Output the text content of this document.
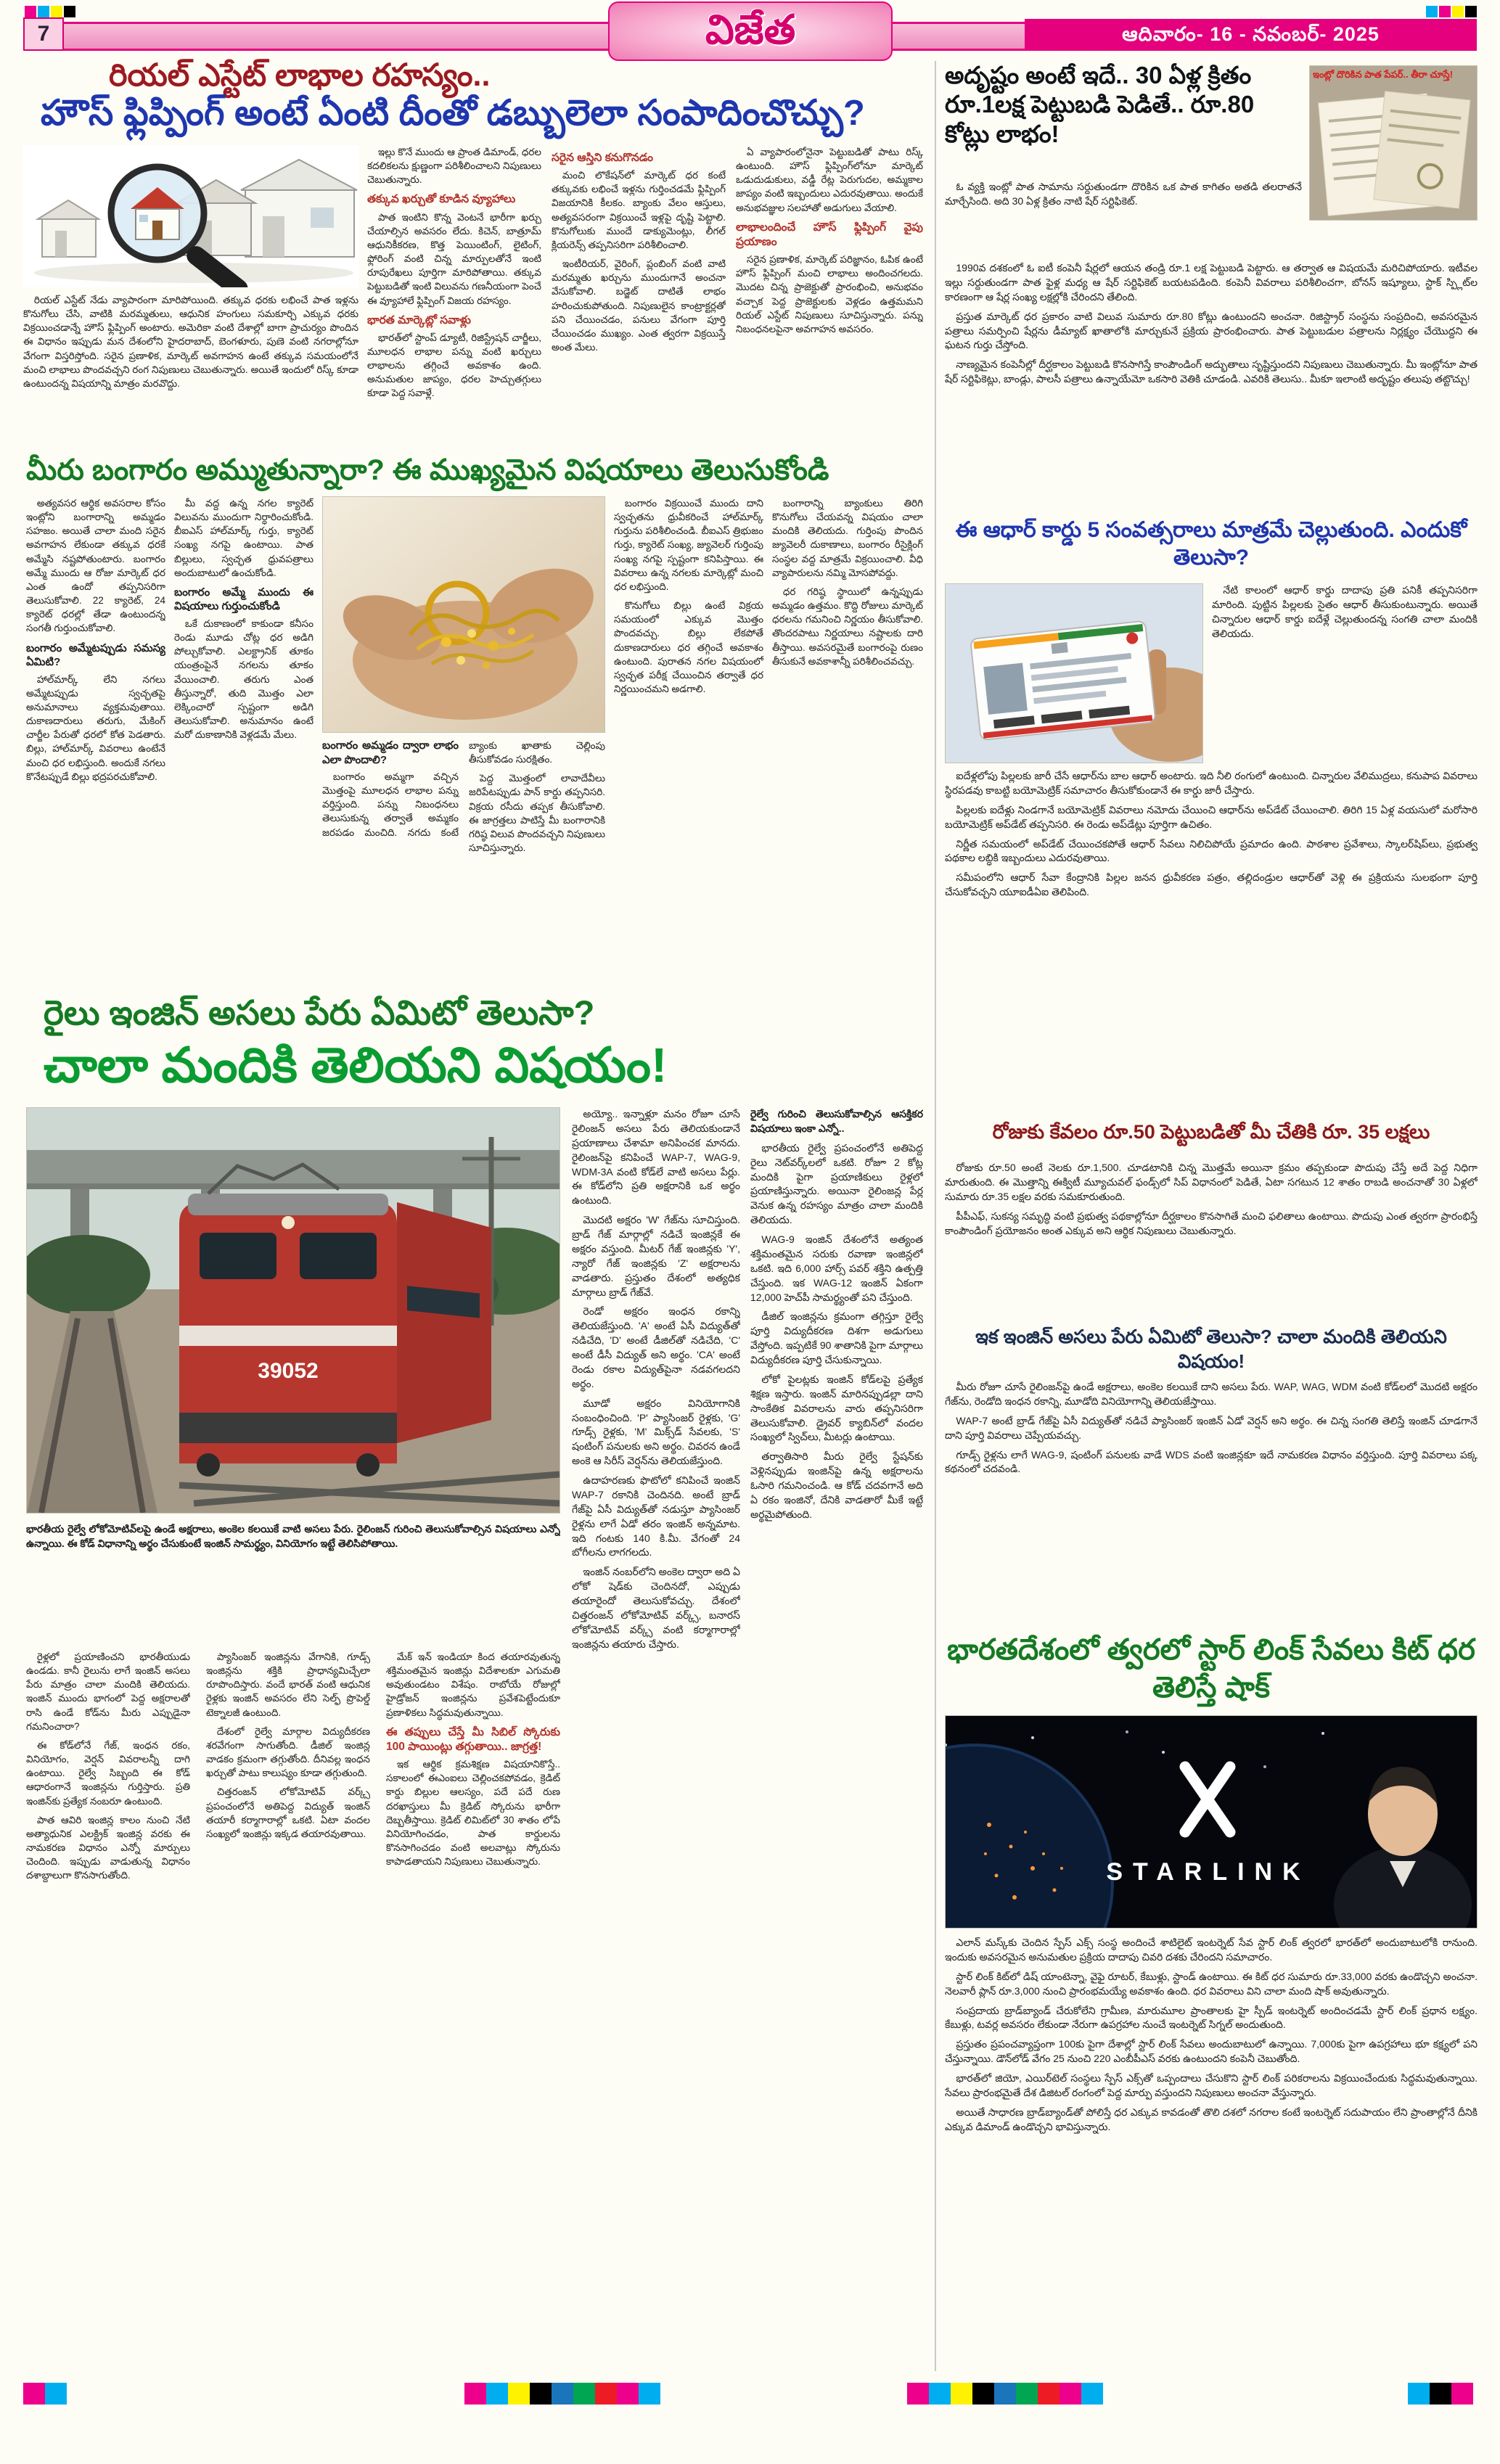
7	విజేత	ఆదివారం- 16 - నవంబర్- 2025
రియల్ ఎస్టేట్ లాభాల రహస్యం..
హౌస్ ఫ్లిప్పింగ్ అంటే ఏంటి దీంతో డబ్బులెలా సంపాదించొచ్చు?

రియల్ ఎస్టేట్ నేడు వ్యాపారంగా మారిపోయింది. తక్కువ ధరకు లభించే పాత ఇళ్లను కొనుగోలు చేసి, వాటికి మరమ్మతులు, ఆధునిక హంగులు సమకూర్చి ఎక్కువ ధరకు విక్రయించడాన్నే హౌస్ ఫ్లిప్పింగ్ అంటారు. అమెరికా వంటి దేశాల్లో బాగా ప్రాచుర్యం పొందిన ఈ విధానం ఇప్పుడు మన దేశంలోని హైదరాబాద్, బెంగళూరు, పుణె వంటి నగరాల్లోనూ వేగంగా విస్తరిస్తోంది. సరైన ప్రణాళిక, మార్కెట్ అవగాహన ఉంటే తక్కువ సమయంలోనే మంచి లాభాలు పొందవచ్చని రంగ నిపుణులు చెబుతున్నారు. అయితే ఇందులో రిస్క్ కూడా ఉంటుందన్న విషయాన్ని మాత్రం మరవొద్దు.

ఇల్లు కొనే ముందు ఆ ప్రాంత డిమాండ్, ధరల కదలికలను క్షుణ్ణంగా పరిశీలించాలని నిపుణులు చెబుతున్నారు.

తక్కువ ఖర్చుతో కూడిన వ్యూహాలు

పాత ఇంటిని కొన్న వెంటనే భారీగా ఖర్చు చేయాల్సిన అవసరం లేదు. కిచెన్, బాత్రూమ్ ఆధునికీకరణ, కొత్త పెయింటింగ్, లైటింగ్, ఫ్లోరింగ్ వంటి చిన్న మార్పులతోనే ఇంటి రూపురేఖలు పూర్తిగా మారిపోతాయి. తక్కువ పెట్టుబడితో ఇంటి విలువను గణనీయంగా పెంచే ఈ వ్యూహాలే ఫ్లిప్పింగ్ విజయ రహస్యం.

భారత మార్కెట్లో సవాళ్లు

భారత్‌లో స్టాంప్ డ్యూటీ, రిజిస్ట్రేషన్ చార్జీలు, మూలధన లాభాల పన్ను వంటి ఖర్చులు లాభాలను తగ్గించే అవకాశం ఉంది. అనుమతుల జాప్యం, ధరల హెచ్చుతగ్గులు కూడా పెద్ద సవాళ్లే.

సరైన ఆస్తిని కనుగొనడం

మంచి లొకేషన్‌లో మార్కెట్ ధర కంటే తక్కువకు లభించే ఇళ్లను గుర్తించడమే ఫ్లిప్పింగ్ విజయానికి కీలకం. బ్యాంకు వేలం ఆస్తులు, అత్యవసరంగా విక్రయించే ఇళ్లపై దృష్టి పెట్టాలి. కొనుగోలుకు ముందే డాక్యుమెంట్లు, లీగల్ క్లియరెన్స్ తప్పనిసరిగా పరిశీలించాలి.

ఇంటీరియర్, వైరింగ్, ప్లంబింగ్ వంటి వాటి మరమ్మతు ఖర్చును ముందుగానే అంచనా వేసుకోవాలి. బడ్జెట్ దాటితే లాభం హరించుకుపోతుంది. నిపుణులైన కాంట్రాక్టర్లతో పని చేయించడం, పనులు వేగంగా పూర్తి చేయించడం ముఖ్యం. ఎంత త్వరగా విక్రయిస్తే అంత మేలు.

ఏ వ్యాపారంలోనైనా పెట్టుబడితో పాటు రిస్క్ ఉంటుంది. హౌస్ ఫ్లిప్పింగ్‌లోనూ మార్కెట్ ఒడుదుడుకులు, వడ్డీ రేట్ల పెరుగుదల, అమ్మకాల జాప్యం వంటి ఇబ్బందులు ఎదురవుతాయి. అందుకే అనుభవజ్ఞుల సలహాతో అడుగులు వేయాలి.

లాభాలందించే హౌస్ ఫ్లిప్పింగ్ వైపు ప్రయాణం

సరైన ప్రణాళిక, మార్కెట్ పరిజ్ఞానం, ఓపిక ఉంటే హౌస్ ఫ్లిప్పింగ్ మంచి లాభాలు అందించగలదు. మొదట చిన్న ప్రాజెక్టుతో ప్రారంభించి, అనుభవం వచ్చాక పెద్ద ప్రాజెక్టులకు వెళ్లడం ఉత్తమమని రియల్ ఎస్టేట్ నిపుణులు సూచిస్తున్నారు. పన్ను నిబంధనలపైనా అవగాహన అవసరం.

మీరు బంగారం అమ్ముతున్నారా? ఈ ముఖ్యమైన విషయాలు తెలుసుకోండి

అత్యవసర ఆర్థిక అవసరాల కోసం ఇంట్లోని బంగారాన్ని అమ్మడం సహజం. అయితే చాలా మంది సరైన అవగాహన లేకుండా తక్కువ ధరకే అమ్మేసి నష్టపోతుంటారు. బంగారం అమ్మే ముందు ఆ రోజు మార్కెట్ ధర ఎంత ఉందో తప్పనిసరిగా తెలుసుకోవాలి. 22 క్యారెట్, 24 క్యారెట్ ధరల్లో తేడా ఉంటుందన్న సంగతీ గుర్తుంచుకోవాలి.

బంగారం అమ్మేటప్పుడు సమస్య ఏమిటి?

హాల్‌మార్క్ లేని నగలు అమ్మేటప్పుడు స్వచ్ఛతపై అనుమానాలు వ్యక్తమవుతాయి. దుకాణదారులు తరుగు, మేకింగ్ చార్జీల పేరుతో ధరలో కోత పెడతారు. బిల్లు, హాల్‌మార్క్ వివరాలు ఉంటేనే మంచి ధర లభిస్తుంది. అందుకే నగలు కొనేటప్పుడే బిల్లు భద్రపరచుకోవాలి.

మీ వద్ద ఉన్న నగల క్యారెట్ విలువను ముందుగా నిర్ధారించుకోండి. బీఐఎస్ హాల్‌మార్క్ గుర్తు, క్యారెట్ సంఖ్య నగపై ఉంటాయి. పాత బిల్లులు, స్వచ్ఛత ధ్రువపత్రాలు అందుబాటులో ఉంచుకోండి.

బంగారం అమ్మే ముందు ఈ విషయాలు గుర్తుంచుకోండి

ఒకే దుకాణంలో కాకుండా కనీసం రెండు మూడు చోట్ల ధర అడిగి పోల్చుకోవాలి. ఎలక్ట్రానిక్ తూకం యంత్రంపైనే నగలను తూకం వేయించాలి. తరుగు ఎంత తీస్తున్నారో, తుది మొత్తం ఎలా లెక్కించారో స్పష్టంగా అడిగి తెలుసుకోవాలి. అనుమానం ఉంటే మరో దుకాణానికి వెళ్లడమే మేలు.

బంగారం అమ్మడం ద్వారా లాభం ఎలా పొందాలి?

బంగారం అమ్మగా వచ్చిన మొత్తంపై మూలధన లాభాల పన్ను వర్తిస్తుంది. పన్ను నిబంధనలు తెలుసుకున్న తర్వాతే అమ్మకం జరపడం మంచిది. నగదు కంటే బ్యాంకు ఖాతాకు చెల్లింపు తీసుకోవడం సురక్షితం.

పెద్ద మొత్తంలో లావాదేవీలు జరిపేటప్పుడు పాన్ కార్డు తప్పనిసరి. విక్రయ రసీదు తప్పక తీసుకోవాలి. ఈ జాగ్రత్తలు పాటిస్తే మీ బంగారానికి గరిష్ఠ విలువ పొందవచ్చని నిపుణులు సూచిస్తున్నారు.

బంగారం విక్రయించే ముందు దాని స్వచ్ఛతను ధ్రువీకరించే హాల్‌మార్క్ గుర్తును పరిశీలించండి. బీఐఎస్ త్రిభుజం గుర్తు, క్యారెట్ సంఖ్య, జ్యువెలర్ గుర్తింపు సంఖ్య నగపై స్పష్టంగా కనిపిస్తాయి. ఈ వివరాలు ఉన్న నగలకు మార్కెట్లో మంచి ధర లభిస్తుంది.

కొనుగోలు బిల్లు ఉంటే విక్రయ సమయంలో ఎక్కువ మొత్తం పొందవచ్చు. బిల్లు లేకపోతే దుకాణదారులు ధర తగ్గించే అవకాశం ఉంటుంది. పురాతన నగల విషయంలో స్వచ్ఛత పరీక్ష చేయించిన తర్వాతే ధర నిర్ణయించమని అడగాలి.

బంగారాన్ని బ్యాంకులు తిరిగి కొనుగోలు చేయవన్న విషయం చాలా మందికి తెలియదు. గుర్తింపు పొందిన జ్యువెలరీ దుకాణాలు, బంగారం రీసైక్లింగ్ సంస్థల వద్ద మాత్రమే విక్రయించాలి. వీధి వ్యాపారులను నమ్మి మోసపోవద్దు.

ధర గరిష్ఠ స్థాయిలో ఉన్నప్పుడు అమ్మడం ఉత్తమం. కొద్ది రోజులు మార్కెట్ ధరలను గమనించి నిర్ణయం తీసుకోవాలి. తొందరపాటు నిర్ణయాలు నష్టాలకు దారి తీస్తాయి. అవసరమైతే బంగారంపై రుణం తీసుకునే అవకాశాన్నీ పరిశీలించవచ్చు.

రైలు ఇంజిన్ అసలు పేరు ఏమిటో తెలుసా?
చాలా మందికి తెలియని విషయం!
39052

భారతీయ రైల్వే లోకోమోటివ్‌లపై ఉండే అక్షరాలు, అంకెల కలయికే వాటి అసలు పేరు. రైలింజన్ గురించి తెలుసుకోవాల్సిన విషయాలు ఎన్నో ఉన్నాయి. ఈ కోడ్ విధానాన్ని అర్థం చేసుకుంటే ఇంజిన్ సామర్థ్యం, వినియోగం ఇట్టే తెలిసిపోతాయి.

రైళ్లలో ప్రయాణించని భారతీయుడు ఉండడు. కానీ రైలును లాగే ఇంజిన్ అసలు పేరు మాత్రం చాలా మందికి తెలియదు. ఇంజిన్ ముందు భాగంలో పెద్ద అక్షరాలతో రాసి ఉండే కోడ్‌ను మీరు ఎప్పుడైనా గమనించారా?

ఈ కోడ్‌లోనే గేజ్, ఇంధన రకం, వినియోగం, వెర్షన్ వివరాలన్నీ దాగి ఉంటాయి. రైల్వే సిబ్బంది ఈ కోడ్ ఆధారంగానే ఇంజిన్లను గుర్తిస్తారు. ప్రతి ఇంజిన్‌కు ప్రత్యేక నంబరూ ఉంటుంది.

పాత ఆవిరి ఇంజిన్ల కాలం నుంచి నేటి అత్యాధునిక ఎలక్ట్రిక్ ఇంజిన్ల వరకు ఈ నామకరణ విధానం ఎన్నో మార్పులు చెందింది. ఇప్పుడు వాడుతున్న విధానం దశాబ్దాలుగా కొనసాగుతోంది.

ప్యాసింజర్ ఇంజిన్లను వేగానికి, గూడ్స్ ఇంజిన్లను శక్తికి ప్రాధాన్యమిచ్చేలా రూపొందిస్తారు. వందే భారత్ వంటి ఆధునిక రైళ్లకు ఇంజిన్ అవసరం లేని సెల్ఫ్ ప్రొపెల్డ్ టెక్నాలజీ ఉంటుంది.

దేశంలో రైల్వే మార్గాల విద్యుదీకరణ శరవేగంగా సాగుతోంది. డీజిల్ ఇంజిన్ల వాడకం క్రమంగా తగ్గుతోంది. దీనివల్ల ఇంధన ఖర్చుతో పాటు కాలుష్యం కూడా తగ్గుతుంది.

చిత్తరంజన్ లోకోమోటివ్ వర్క్స్ ప్రపంచంలోనే అతిపెద్ద విద్యుత్ ఇంజిన్ తయారీ కర్మాగారాల్లో ఒకటి. ఏటా వందల సంఖ్యలో ఇంజిన్లు ఇక్కడ తయారవుతాయి.

మేక్ ఇన్ ఇండియా కింద తయారవుతున్న శక్తిమంతమైన ఇంజిన్లు విదేశాలకూ ఎగుమతి అవుతుండటం విశేషం. రాబోయే రోజుల్లో హైడ్రోజన్ ఇంజిన్లను ప్రవేశపెట్టేందుకూ ప్రణాళికలు సిద్ధమవుతున్నాయి.

ఈ తప్పులు చేస్తే మీ సిబిల్ స్కోరుకు 100 పాయింట్లు తగ్గుతాయి.. జాగ్రత్త!

ఇక ఆర్థిక క్రమశిక్షణ విషయానికొస్తే.. సకాలంలో ఈఎంఐలు చెల్లించకపోవడం, క్రెడిట్ కార్డు బిల్లుల ఆలస్యం, పదే పదే రుణ దరఖాస్తులు మీ క్రెడిట్ స్కోరును భారీగా దెబ్బతీస్తాయి. క్రెడిట్ లిమిట్‌లో 30 శాతం లోపే వినియోగించడం, పాత కార్డులను కొనసాగించడం వంటి అలవాట్లు స్కోరును కాపాడతాయని నిపుణులు చెబుతున్నారు.

అయ్యో.. ఇన్నాళ్లూ మనం రోజూ చూసే రైలింజన్ అసలు పేరు తెలియకుండానే ప్రయాణాలు చేశామా అనిపించక మానదు. రైలింజన్‌పై కనిపించే WAP-7, WAG-9, WDM-3A వంటి కోడ్‌లే వాటి అసలు పేర్లు. ఈ కోడ్‌లోని ప్రతి అక్షరానికి ఒక అర్థం ఉంటుంది.

మొదటి అక్షరం 'W' గేజ్‌ను సూచిస్తుంది. బ్రాడ్ గేజ్ మార్గాల్లో నడిచే ఇంజిన్లకే ఈ అక్షరం వస్తుంది. మీటర్ గేజ్ ఇంజిన్లకు 'Y', న్యారో గేజ్ ఇంజిన్లకు 'Z' అక్షరాలను వాడతారు. ప్రస్తుతం దేశంలో అత్యధిక మార్గాలు బ్రాడ్ గేజ్‌వే.

రెండో అక్షరం ఇంధన రకాన్ని తెలియజేస్తుంది. 'A' అంటే ఏసీ విద్యుత్‌తో నడిచేది, 'D' అంటే డీజిల్‌తో నడిచేది, 'C' అంటే డీసీ విద్యుత్ అని అర్థం. 'CA' అంటే రెండు రకాల విద్యుత్‌పైనా నడవగలదని అర్థం.

మూడో అక్షరం వినియోగానికి సంబంధించింది. 'P' ప్యాసింజర్ రైళ్లకు, 'G' గూడ్స్ రైళ్లకు, 'M' మిక్స్‌డ్ సేవలకు, 'S' షంటింగ్ పనులకు అని అర్థం. చివరన ఉండే అంకె ఆ సిరీస్ వెర్షన్‌ను తెలియజేస్తుంది.

ఉదాహరణకు ఫొటోలో కనిపించే ఇంజిన్ WAP-7 రకానికి చెందినది. అంటే బ్రాడ్ గేజ్‌పై ఏసీ విద్యుత్‌తో నడుస్తూ ప్యాసింజర్ రైళ్లను లాగే ఏడో తరం ఇంజిన్ అన్నమాట. ఇది గంటకు 140 కి.మీ. వేగంతో 24 బోగీలను లాగగలదు.

ఇంజిన్ నంబర్‌లోని అంకెల ద్వారా అది ఏ లోకో షెడ్‌కు చెందినదో, ఎప్పుడు తయారైందో తెలుసుకోవచ్చు. దేశంలో చిత్తరంజన్ లోకోమోటివ్ వర్క్స్, బనారస్ లోకోమోటివ్ వర్క్స్ వంటి కర్మాగారాల్లో ఇంజిన్లను తయారు చేస్తారు.

రైల్వే గురించి తెలుసుకోవాల్సిన ఆసక్తికర విషయాలు ఇంకా ఎన్నో..

భారతీయ రైల్వే ప్రపంచంలోనే అతిపెద్ద రైలు నెట్‌వర్క్‌లలో ఒకటి. రోజూ 2 కోట్ల మందికి పైగా ప్రయాణికులు రైళ్లలో ప్రయాణిస్తున్నారు. అయినా రైలింజన్ల పేర్ల వెనుక ఉన్న రహస్యం మాత్రం చాలా మందికి తెలియదు.

WAG-9 ఇంజిన్ దేశంలోనే అత్యంత శక్తిమంతమైన సరుకు రవాణా ఇంజిన్లలో ఒకటి. ఇది 6,000 హార్స్ పవర్ శక్తిని ఉత్పత్తి చేస్తుంది. ఇక WAG-12 ఇంజిన్ ఏకంగా 12,000 హెచ్‌పీ సామర్థ్యంతో పని చేస్తుంది.

డీజిల్ ఇంజిన్లను క్రమంగా తగ్గిస్తూ రైల్వే పూర్తి విద్యుదీకరణ దిశగా అడుగులు వేస్తోంది. ఇప్పటికే 90 శాతానికి పైగా మార్గాలు విద్యుదీకరణ పూర్తి చేసుకున్నాయి.

లోకో పైలట్లకు ఇంజిన్ కోడ్‌లపై ప్రత్యేక శిక్షణ ఇస్తారు. ఇంజిన్ మారినప్పుడల్లా దాని సాంకేతిక వివరాలను వారు తప్పనిసరిగా తెలుసుకోవాలి. డ్రైవర్ క్యాబిన్‌లో వందల సంఖ్యలో స్విచ్‌లు, మీటర్లు ఉంటాయి.

తర్వాతిసారి మీరు రైల్వే స్టేషన్‌కు వెళ్లినప్పుడు ఇంజిన్‌పై ఉన్న అక్షరాలను ఓసారి గమనించండి. ఆ కోడ్ చదవగానే అది ఏ రకం ఇంజినో, దేనికి వాడతారో మీకే ఇట్టే అర్థమైపోతుంది.

అదృష్టం అంటే ఇదే.. 30 ఏళ్ల క్రితం రూ.1లక్ష పెట్టుబడి పెడితే.. రూ.80 కోట్లు లాభం!
ఇంట్లో దొరికిన పాత పేపర్.. తీరా చూస్తే!

ఓ వ్యక్తి ఇంట్లో పాత సామాను సర్దుతుండగా దొరికిన ఒక పాత కాగితం అతడి తలరాతనే మార్చేసింది. అది 30 ఏళ్ల క్రితం నాటి షేర్ సర్టిఫికెట్.

1990వ దశకంలో ఓ ఐటీ కంపెనీ షేర్లలో ఆయన తండ్రి రూ.1 లక్ష పెట్టుబడి పెట్టారు. ఆ తర్వాత ఆ విషయమే మరిచిపోయారు. ఇటీవల ఇల్లు సర్దుతుండగా పాత ఫైళ్ల మధ్య ఆ షేర్ సర్టిఫికెట్ బయటపడింది. కంపెనీ వివరాలు పరిశీలించగా, బోనస్ ఇష్యూలు, స్టాక్ స్ప్లిట్‌ల కారణంగా ఆ షేర్ల సంఖ్య లక్షల్లోకి చేరిందని తేలింది.

ప్రస్తుత మార్కెట్ ధర ప్రకారం వాటి విలువ సుమారు రూ.80 కోట్లు ఉంటుందని అంచనా. రిజిస్ట్రార్ సంస్థను సంప్రదించి, అవసరమైన పత్రాలు సమర్పించి షేర్లను డీమ్యాట్ ఖాతాలోకి మార్చుకునే ప్రక్రియ ప్రారంభించారు. పాత పెట్టుబడుల పత్రాలను నిర్లక్ష్యం చేయొద్దని ఈ ఘటన గుర్తు చేస్తోంది.

నాణ్యమైన కంపెనీల్లో దీర్ఘకాలం పెట్టుబడి కొనసాగిస్తే కాంపౌండింగ్ అద్భుతాలు సృష్టిస్తుందని నిపుణులు చెబుతున్నారు. మీ ఇంట్లోనూ పాత షేర్ సర్టిఫికెట్లు, బాండ్లు, పాలసీ పత్రాలు ఉన్నాయేమో ఒకసారి వెతికి చూడండి. ఎవరికి తెలుసు.. మీకూ ఇలాంటి అదృష్టం తలుపు తట్టొచ్చు!

ఈ ఆధార్ కార్డు 5 సంవత్సరాలు మాత్రమే చెల్లుతుంది. ఎందుకో తెలుసా?

నేటి కాలంలో ఆధార్ కార్డు దాదాపు ప్రతి పనికీ తప్పనిసరిగా మారింది. పుట్టిన పిల్లలకు సైతం ఆధార్ తీసుకుంటున్నారు. అయితే చిన్నారుల ఆధార్ కార్డు ఐదేళ్లే చెల్లుతుందన్న సంగతి చాలా మందికి తెలియదు.

ఐదేళ్లలోపు పిల్లలకు జారీ చేసే ఆధార్‌ను బాల ఆధార్ అంటారు. ఇది నీలి రంగులో ఉంటుంది. చిన్నారుల వేలిముద్రలు, కనుపాప వివరాలు స్థిరపడవు కాబట్టి బయోమెట్రిక్ సమాచారం తీసుకోకుండానే ఈ కార్డు జారీ చేస్తారు.

పిల్లలకు ఐదేళ్లు నిండగానే బయోమెట్రిక్ వివరాలు నమోదు చేయించి ఆధార్‌ను అప్‌డేట్ చేయించాలి. తిరిగి 15 ఏళ్ల వయసులో మరోసారి బయోమెట్రిక్ అప్‌డేట్ తప్పనిసరి. ఈ రెండు అప్‌డేట్లు పూర్తిగా ఉచితం.

నిర్ణీత సమయంలో అప్‌డేట్ చేయించకపోతే ఆధార్ సేవలు నిలిచిపోయే ప్రమాదం ఉంది. పాఠశాల ప్రవేశాలు, స్కాలర్‌షిప్‌లు, ప్రభుత్వ పథకాల లబ్ధికి ఇబ్బందులు ఎదురవుతాయి.

సమీపంలోని ఆధార్ సేవా కేంద్రానికి పిల్లల జనన ధ్రువీకరణ పత్రం, తల్లిదండ్రుల ఆధార్‌తో వెళ్లి ఈ ప్రక్రియను సులభంగా పూర్తి చేసుకోవచ్చని యూఐడీఏఐ తెలిపింది.

రోజుకు కేవలం రూ.50 పెట్టుబడితో మీ చేతికి రూ. 35 లక్షలు

రోజుకు రూ.50 అంటే నెలకు రూ.1,500. చూడటానికి చిన్న మొత్తమే అయినా క్రమం తప్పకుండా పొదుపు చేస్తే అదే పెద్ద నిధిగా మారుతుంది. ఈ మొత్తాన్ని ఈక్విటీ మ్యూచువల్ ఫండ్స్‌లో సిప్ విధానంలో పెడితే, ఏటా సగటున 12 శాతం రాబడి అంచనాతో 30 ఏళ్లలో సుమారు రూ.35 లక్షల వరకు సమకూరుతుంది.

పీపీఎఫ్, సుకన్య సమృద్ధి వంటి ప్రభుత్వ పథకాల్లోనూ దీర్ఘకాలం కొనసాగితే మంచి ఫలితాలు ఉంటాయి. పొదుపు ఎంత త్వరగా ప్రారంభిస్తే కాంపౌండింగ్ ప్రయోజనం అంత ఎక్కువ అని ఆర్థిక నిపుణులు చెబుతున్నారు.

ఇక ఇంజిన్ అసలు పేరు ఏమిటో తెలుసా? చాలా మందికి తెలియని విషయం!

మీరు రోజూ చూసే రైలింజన్‌పై ఉండే అక్షరాలు, అంకెల కలయికే దాని అసలు పేరు. WAP, WAG, WDM వంటి కోడ్‌లలో మొదటి అక్షరం గేజ్‌ను, రెండోది ఇంధన రకాన్ని, మూడోది వినియోగాన్ని తెలియజేస్తాయి.

WAP-7 అంటే బ్రాడ్ గేజ్‌పై ఏసీ విద్యుత్‌తో నడిచే ప్యాసింజర్ ఇంజిన్ ఏడో వెర్షన్ అని అర్థం. ఈ చిన్న సంగతి తెలిస్తే ఇంజిన్ చూడగానే దాని పూర్తి వివరాలు చెప్పేయవచ్చు.

గూడ్స్ రైళ్లను లాగే WAG-9, షంటింగ్ పనులకు వాడే WDS వంటి ఇంజిన్లకూ ఇదే నామకరణ విధానం వర్తిస్తుంది. పూర్తి వివరాలు పక్క కథనంలో చదవండి.

భారతదేశంలో త్వరలో స్టార్ లింక్ సేవలు కిట్ ధర తెలిస్తే షాక్
STARLINK

ఎలాన్ మస్క్‌కు చెందిన స్పేస్ ఎక్స్ సంస్థ అందించే శాటిలైట్ ఇంటర్నెట్ సేవ స్టార్ లింక్ త్వరలో భారత్‌లో అందుబాటులోకి రానుంది. ఇందుకు అవసరమైన అనుమతుల ప్రక్రియ దాదాపు చివరి దశకు చేరిందని సమాచారం.

స్టార్ లింక్ కిట్‌లో డిష్ యాంటెన్నా, వైఫై రూటర్, కేబుళ్లు, స్టాండ్ ఉంటాయి. ఈ కిట్ ధర సుమారు రూ.33,000 వరకు ఉండొచ్చని అంచనా. నెలవారీ ప్లాన్ రూ.3,000 నుంచి ప్రారంభమయ్యే అవకాశం ఉంది. ధర వివరాలు విని చాలా మంది షాక్ అవుతున్నారు.

సంప్రదాయ బ్రాడ్‌బ్యాండ్ చేరుకోలేని గ్రామీణ, మారుమూల ప్రాంతాలకు హై స్పీడ్ ఇంటర్నెట్ అందించడమే స్టార్ లింక్ ప్రధాన లక్ష్యం. కేబుళ్లు, టవర్ల అవసరం లేకుండా నేరుగా ఉపగ్రహాల నుంచే ఇంటర్నెట్ సిగ్నల్ అందుతుంది.

ప్రస్తుతం ప్రపంచవ్యాప్తంగా 100కు పైగా దేశాల్లో స్టార్ లింక్ సేవలు అందుబాటులో ఉన్నాయి. 7,000కు పైగా ఉపగ్రహాలు భూ కక్ష్యలో పని చేస్తున్నాయి. డౌన్‌లోడ్ వేగం 25 నుంచి 220 ఎంబీపీఎస్ వరకు ఉంటుందని కంపెనీ చెబుతోంది.

భారత్‌లో జియో, ఎయిర్‌టెల్ సంస్థలు స్పేస్ ఎక్స్‌తో ఒప్పందాలు చేసుకొని స్టార్ లింక్ పరికరాలను విక్రయించేందుకు సిద్ధమవుతున్నాయి. సేవలు ప్రారంభమైతే దేశ డిజిటల్ రంగంలో పెద్ద మార్పు వస్తుందని నిపుణులు అంచనా వేస్తున్నారు.

అయితే సాధారణ బ్రాడ్‌బ్యాండ్‌తో పోలిస్తే ధర ఎక్కువ కావడంతో తొలి దశలో నగరాల కంటే ఇంటర్నెట్ సదుపాయం లేని ప్రాంతాల్లోనే దీనికి ఎక్కువ డిమాండ్ ఉండొచ్చని భావిస్తున్నారు.
